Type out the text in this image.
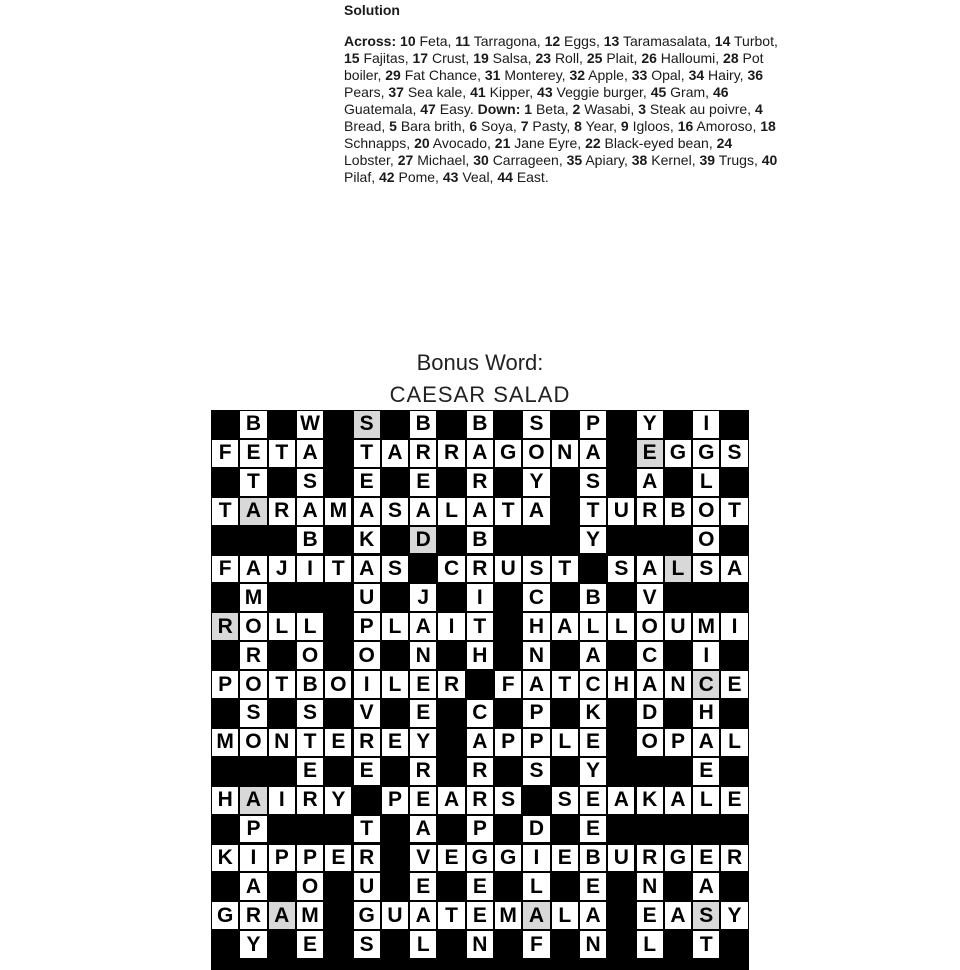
Solution
Across: 10 Feta, 11 Tarragona, 12 Eggs, 13 Taramasalata, 14 Turbot, 15 Fajitas, 17 Crust, 19 Salsa, 23 Roll, 25 Plait, 26 Halloumi, 28 Pot boiler, 29 Fat Chance, 31 Monterey, 32 Apple, 33 Opal, 34 Hairy, 36 Pears, 37 Sea kale, 41 Kipper, 43 Veggie burger, 45 Gram, 46 Guatemala, 47 Easy. Down: 1 Beta, 2 Wasabi, 3 Steak au poivre, 4 Bread, 5 Bara brith, 6 Soya, 7 Pasty, 8 Year, 9 Igloos, 16 Amoroso, 18 Schnapps, 20 Avocado, 21 Jane Eyre, 22 Black-eyed bean, 24 Lobster, 27 Michael, 30 Carrageen, 35 Apiary, 38 Kernel, 39 Trugs, 40 Pilaf, 42 Pome, 43 Veal, 44 East.
Bonus Word:
CAESAR SALAD
B W S B B S P Y	I
F E T A	T A R R A G O N A E G G S
T	S E E R Y S A	L
T A R A M A S A L A T A	T U R B O T
B K D B	Y	O
F A J I T A S C R U S T	S A L S A
M	U	J	I	C B V
R O L L	P L A I T	H A L L O U M I
R O O N H N A C	I
P O T B O I L E R	F A T C H A N C E
S S V E C P K D H
M O N T E R E Y A P P L E O P A L
E E R R S Y	E
H A I R Y P E A R S S E A K A L E
P	T	A P D E
K I P P E R V E G G I E B U R G E R
A O U E E	L	E N A
G R A M G U A T E M A L A E A S Y
Y E S	L	N	F	N	L	T
